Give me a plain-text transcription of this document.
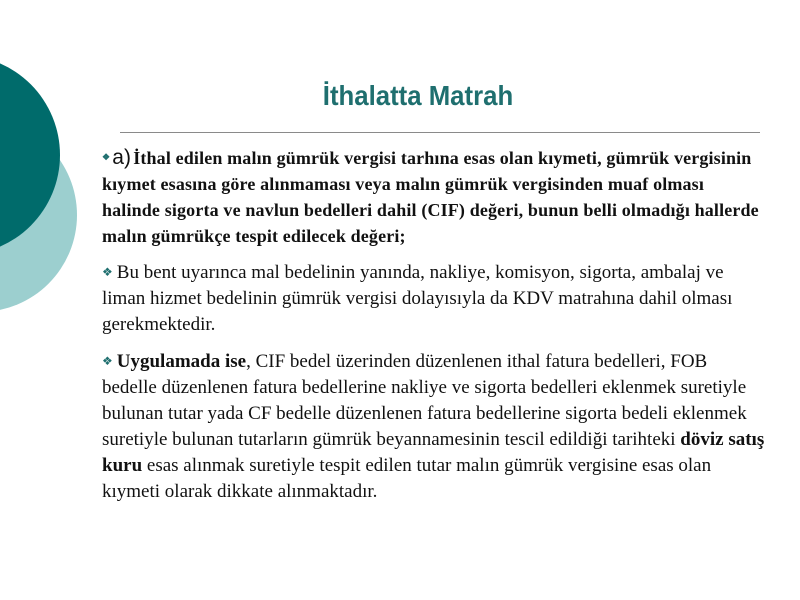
İthalatta Matrah

❖a) İthal edilen malın gümrük vergisi tarhına esas olan kıymeti, gümrük vergisinin kıymet esasına göre alınmaması veya malın gümrük vergisinden muaf olması halinde sigorta ve navlun bedelleri dahil (CIF) değeri, bunun belli olmadığı hallerde malın gümrükçe tespit edilecek değeri;

❖ Bu bent uyarınca mal bedelinin yanında, nakliye, komisyon, sigorta, ambalaj ve liman hizmet bedelinin gümrük vergisi dolayısıyla da KDV matrahına dahil olması gerekmektedir.

❖ Uygulamada ise, CIF bedel üzerinden düzenlenen ithal fatura bedelleri, FOB bedelle düzenlenen fatura bedellerine nakliye ve sigorta bedelleri eklenmek suretiyle bulunan tutar yada CF bedelle düzenlenen fatura bedellerine sigorta bedeli eklenmek suretiyle bulunan tutarların gümrük beyannamesinin tescil edildiği tarihteki döviz satış kuru esas alınmak suretiyle tespit edilen tutar malın gümrük vergisine esas olan kıymeti olarak dikkate alınmaktadır.
